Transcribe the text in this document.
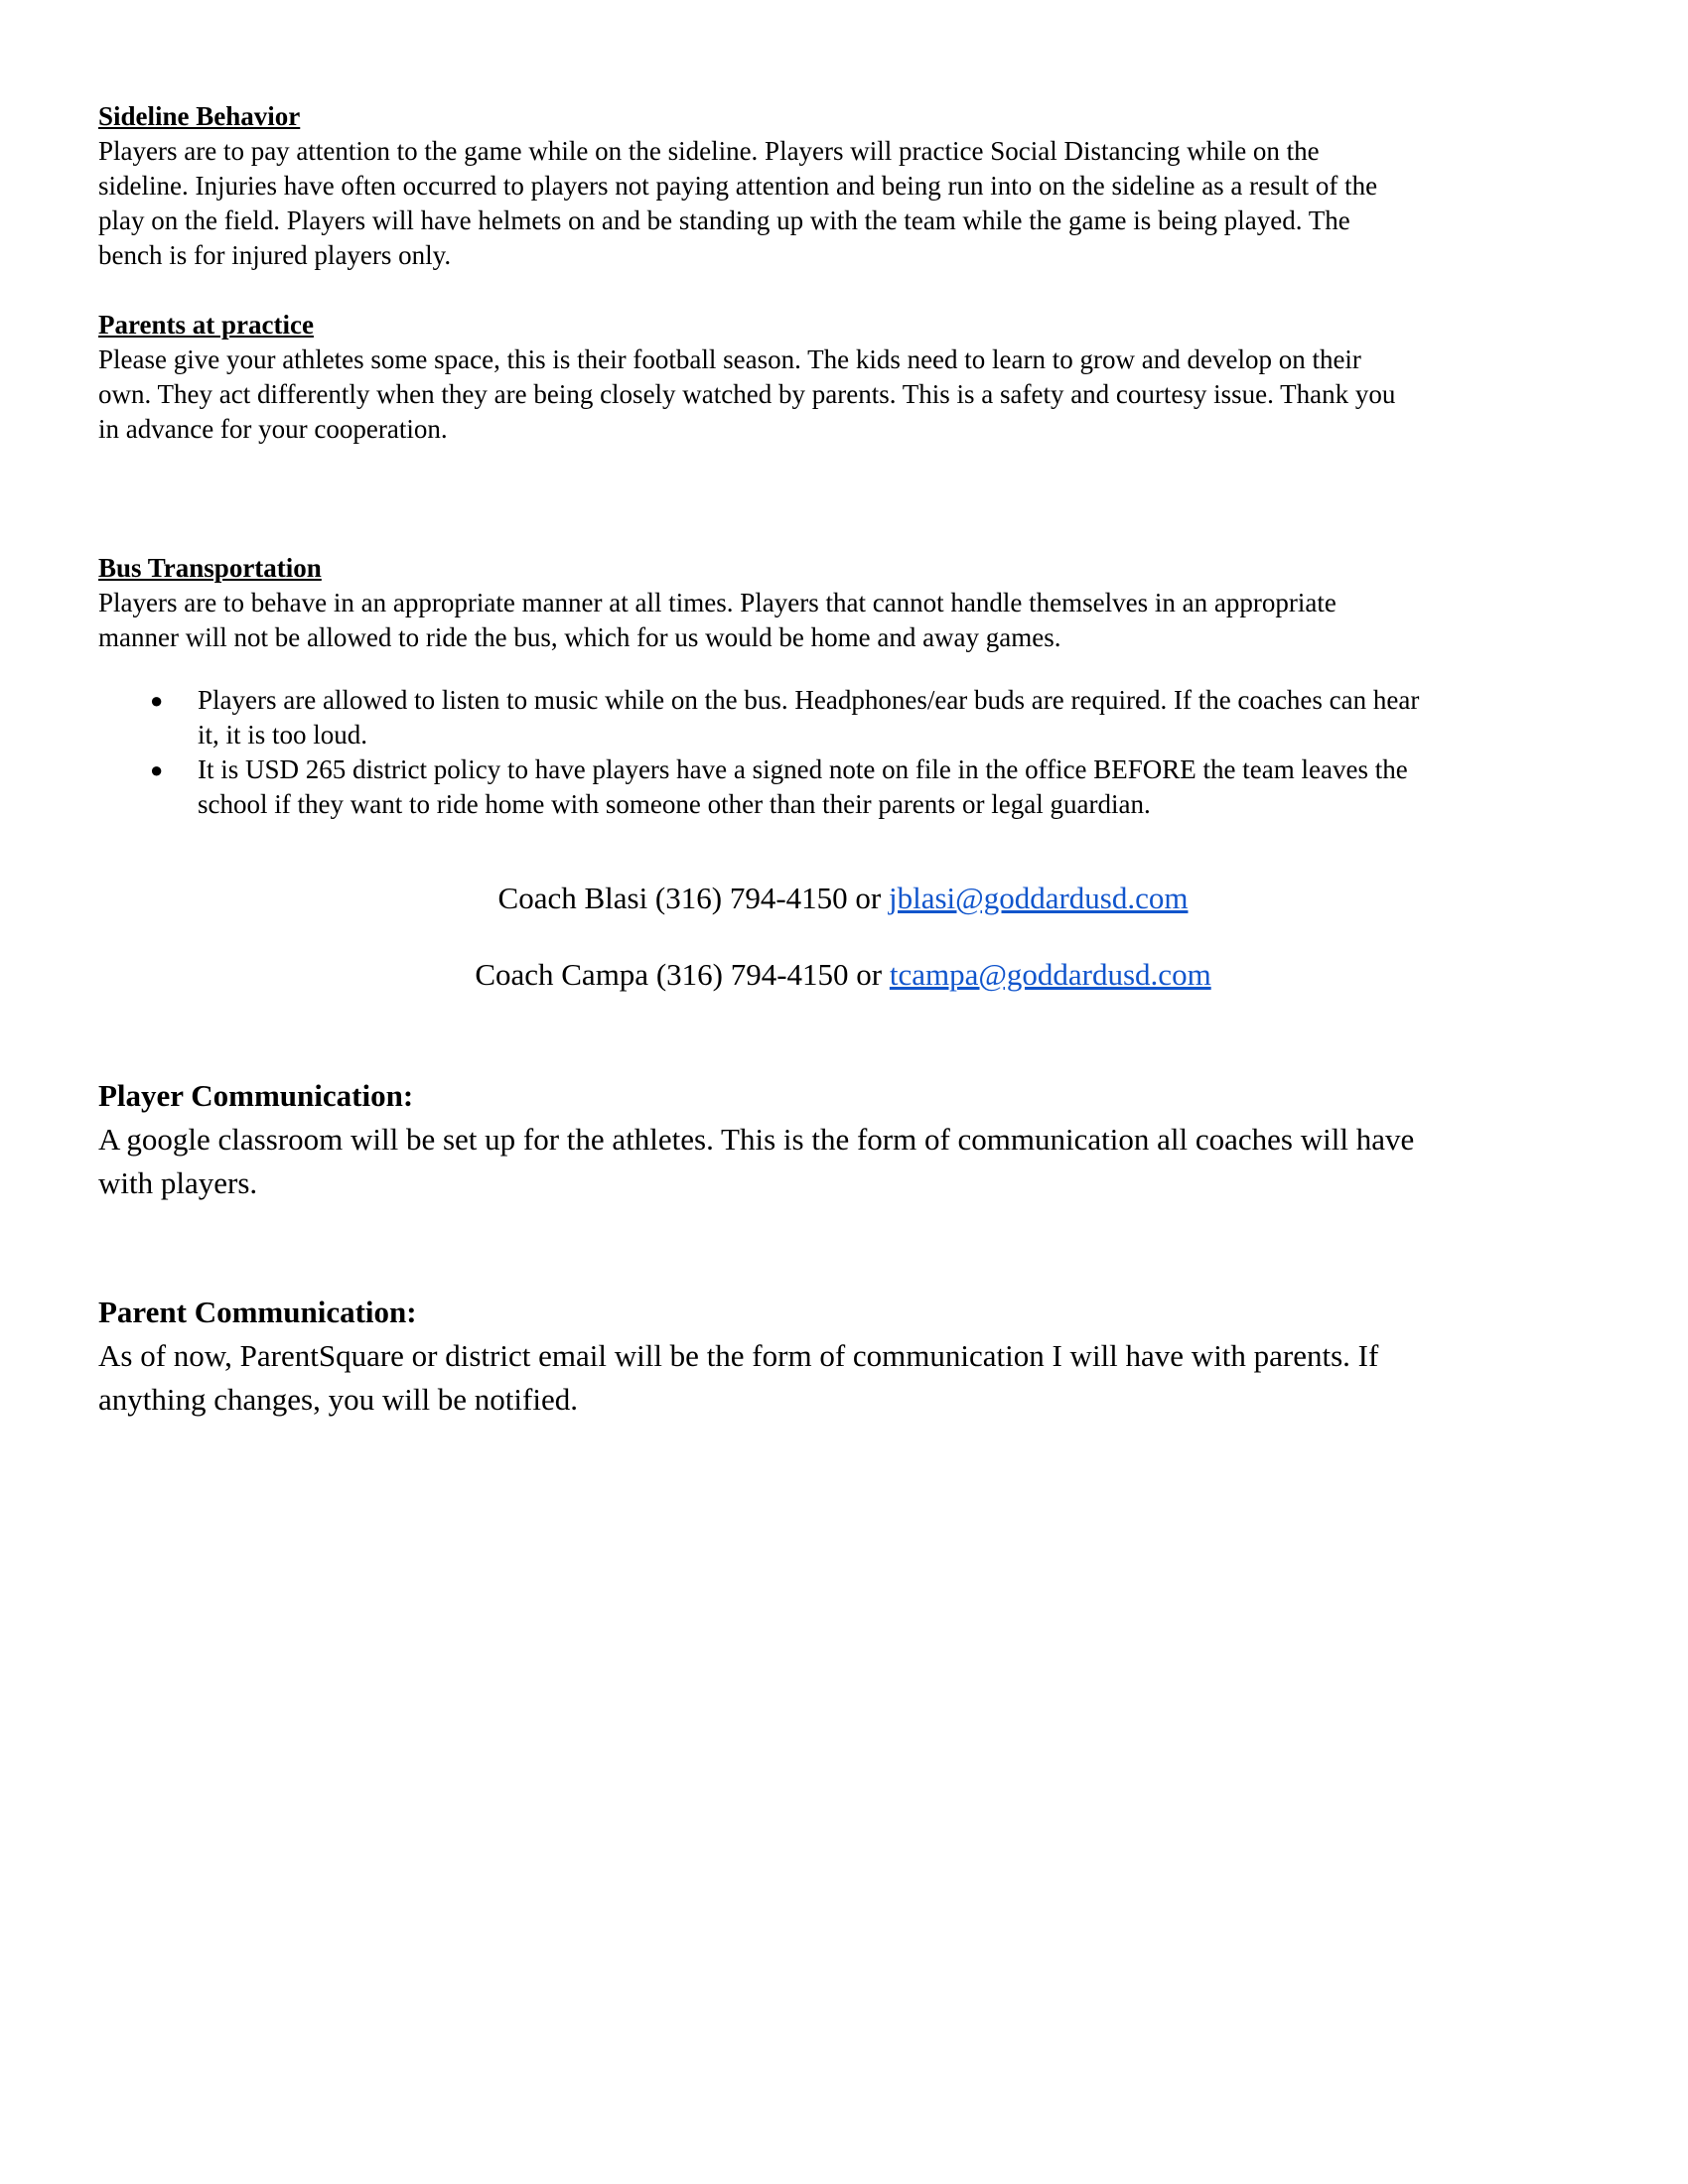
Sideline Behavior

Players are to pay attention to the game while on the sideline. Players will practice Social Distancing while on the

sideline. Injuries have often occurred to players not paying attention and being run into on the sideline as a result of the

play on the field. Players will have helmets on and be standing up with the team while the game is being played. The

bench is for injured players only.

Parents at practice

Please give your athletes some space, this is their football season. The kids need to learn to grow and develop on their

own. They act differently when they are being closely watched by parents. This is a safety and courtesy issue. Thank you

in advance for your cooperation.

Bus Transportation

Players are to behave in an appropriate manner at all times. Players that cannot handle themselves in an appropriate

manner will not be allowed to ride the bus, which for us would be home and away games.

● Players are allowed to listen to music while on the bus. Headphones/ear buds are required. If the coaches can hear
it, it is too loud.
● It is USD 265 district policy to have players have a signed note on file in the office BEFORE the team leaves the
school if they want to ride home with someone other than their parents or legal guardian.
Coach Blasi (316) 794-4150 or jblasi@goddardusd.com
Coach Campa (316) 794-4150 or tcampa@goddardusd.com
Player Communication:

A google classroom will be set up for the athletes. This is the form of communication all coaches will have

with players.

Parent Communication:

As of now, ParentSquare or district email will be the form of communication I will have with parents. If

anything changes, you will be notified.
